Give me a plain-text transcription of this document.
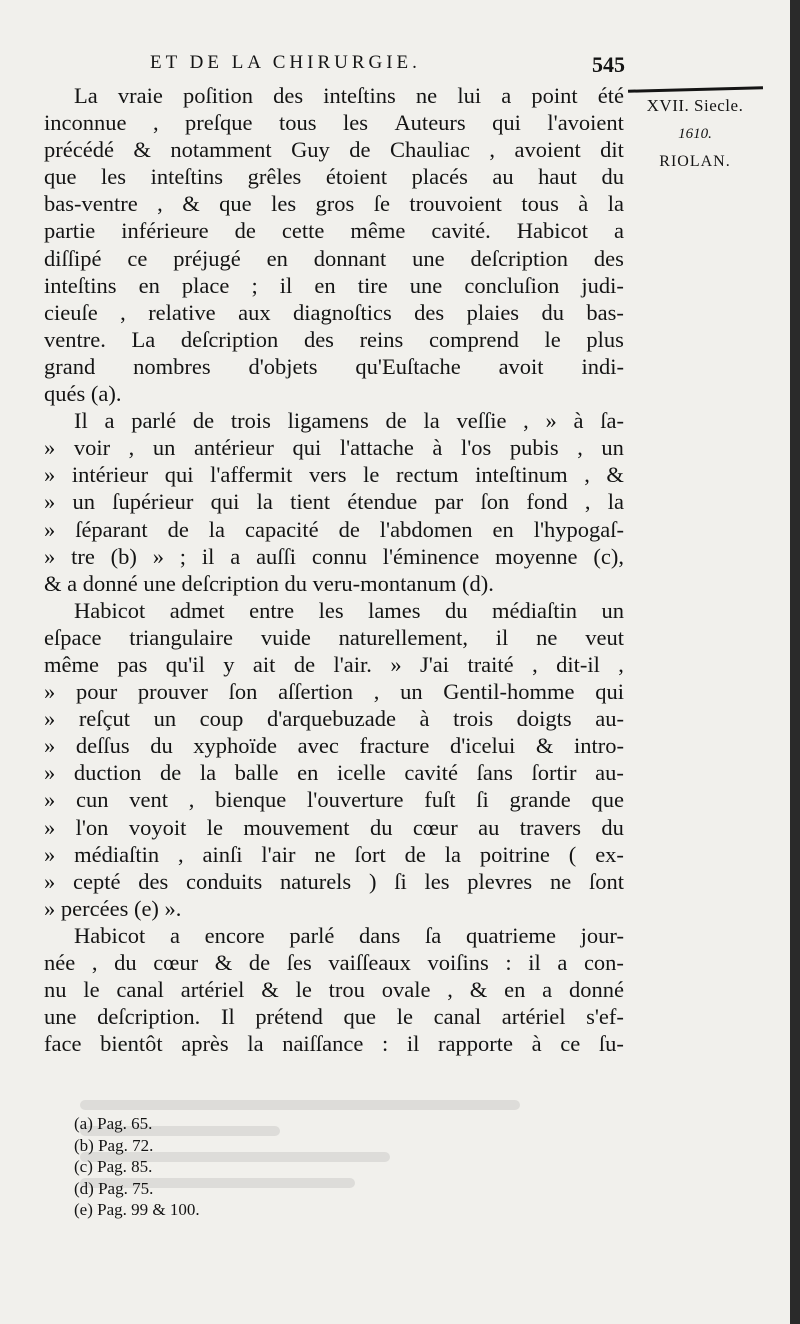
ET DE LA CHIRURGIE.	545
XVII. Siecle.
1610.
RIOLAN.
La vraie poſition des inteſtins ne lui a point été
inconnue , preſque tous les Auteurs qui l'avoient
précédé & notamment Guy de Chauliac , avoient dit
que les inteſtins grêles étoient placés au haut du
bas-ventre , & que les gros ſe trouvoient tous à la
partie inférieure de cette même cavité. Habicot a
diſſipé ce préjugé en donnant une deſcription des
inteſtins en place ; il en tire une concluſion judi-
cieuſe , relative aux diagnoſtics des plaies du bas-
ventre. La deſcription des reins comprend le plus
grand nombres d'objets qu'Euſtache avoit indi-
qués (a).
Il a parlé de trois ligamens de la veſſie , » à ſa-
» voir , un antérieur qui l'attache à l'os pubis , un
» intérieur qui l'affermit vers le rectum inteſtinum , &
» un ſupérieur qui la tient étendue par ſon fond , la
» ſéparant de la capacité de l'abdomen en l'hypogaſ-
» tre (b) » ; il a auſſi connu l'éminence moyenne (c),
& a donné une deſcription du veru-montanum (d).
Habicot admet entre les lames du médiaſtin un
eſpace triangulaire vuide naturellement, il ne veut
même pas qu'il y ait de l'air. » J'ai traité , dit-il ,
» pour prouver ſon aſſertion , un Gentil-homme qui
» reſçut un coup d'arquebuzade à trois doigts au-
» deſſus du xyphoïde avec fracture d'icelui & intro-
» duction de la balle en icelle cavité ſans ſortir au-
» cun vent , bienque l'ouverture fuſt ſi grande que
» l'on voyoit le mouvement du cœur au travers du
» médiaſtin , ainſi l'air ne ſort de la poitrine ( ex-
» cepté des conduits naturels ) ſi les plevres ne ſont
» percées (e) ».
Habicot a encore parlé dans ſa quatrieme jour-
née , du cœur & de ſes vaiſſeaux voiſins : il a con-
nu le canal artériel & le trou ovale , & en a donné
une deſcription. Il prétend que le canal artériel s'ef-
face bientôt après la naiſſance : il rapporte à ce ſu-
(a) Pag. 65.
(b) Pag. 72.
(c) Pag. 85.
(d) Pag. 75.
(e) Pag. 99 & 100.
